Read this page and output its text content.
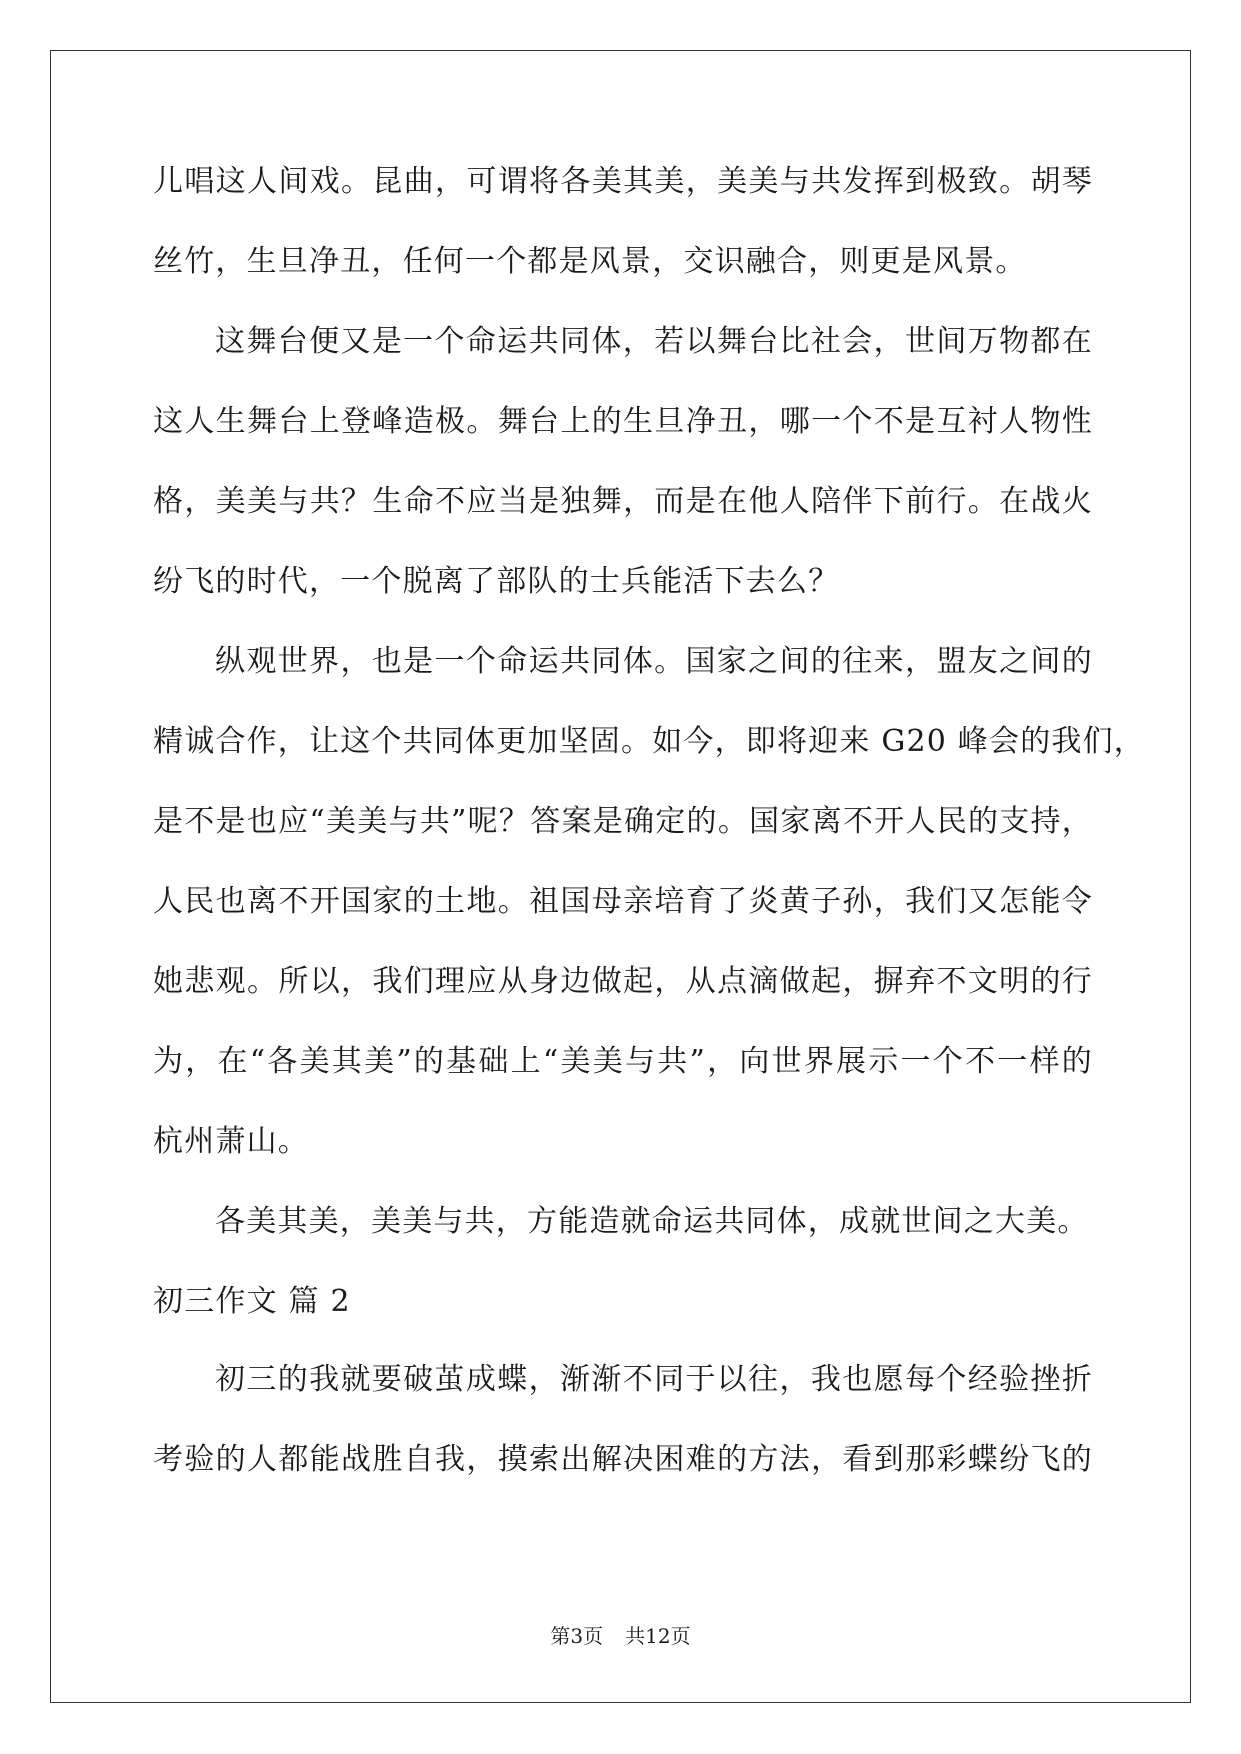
儿唱这人间戏。昆曲，可谓将各美其美，美美与共发挥到极致。胡琴
丝竹，生旦净丑，任何一个都是风景，交识融合，则更是风景。
这舞台便又是一个命运共同体，若以舞台比社会，世间万物都在
这人生舞台上登峰造极。舞台上的生旦净丑，哪一个不是互衬人物性
格，美美与共？生命不应当是独舞，而是在他人陪伴下前行。在战火
纷飞的时代，一个脱离了部队的士兵能活下去么？
纵观世界，也是一个命运共同体。国家之间的往来，盟友之间的
精诚合作，让这个共同体更加坚固。如今，即将迎来 G20 峰会的我们，
是不是也应“美美与共”呢？答案是确定的。国家离不开人民的支持，
人民也离不开国家的土地。祖国母亲培育了炎黄子孙，我们又怎能令
她悲观。所以，我们理应从身边做起，从点滴做起，摒弃不文明的行
为，在“各美其美”的基础上“美美与共”，向世界展示一个不一样的
杭州萧山。
各美其美，美美与共，方能造就命运共同体，成就世间之大美。
初三作文 篇 2
初三的我就要破茧成蝶，渐渐不同于以往，我也愿每个经验挫折
考验的人都能战胜自我，摸索出解决困难的方法，看到那彩蝶纷飞的
第3页 共12页
